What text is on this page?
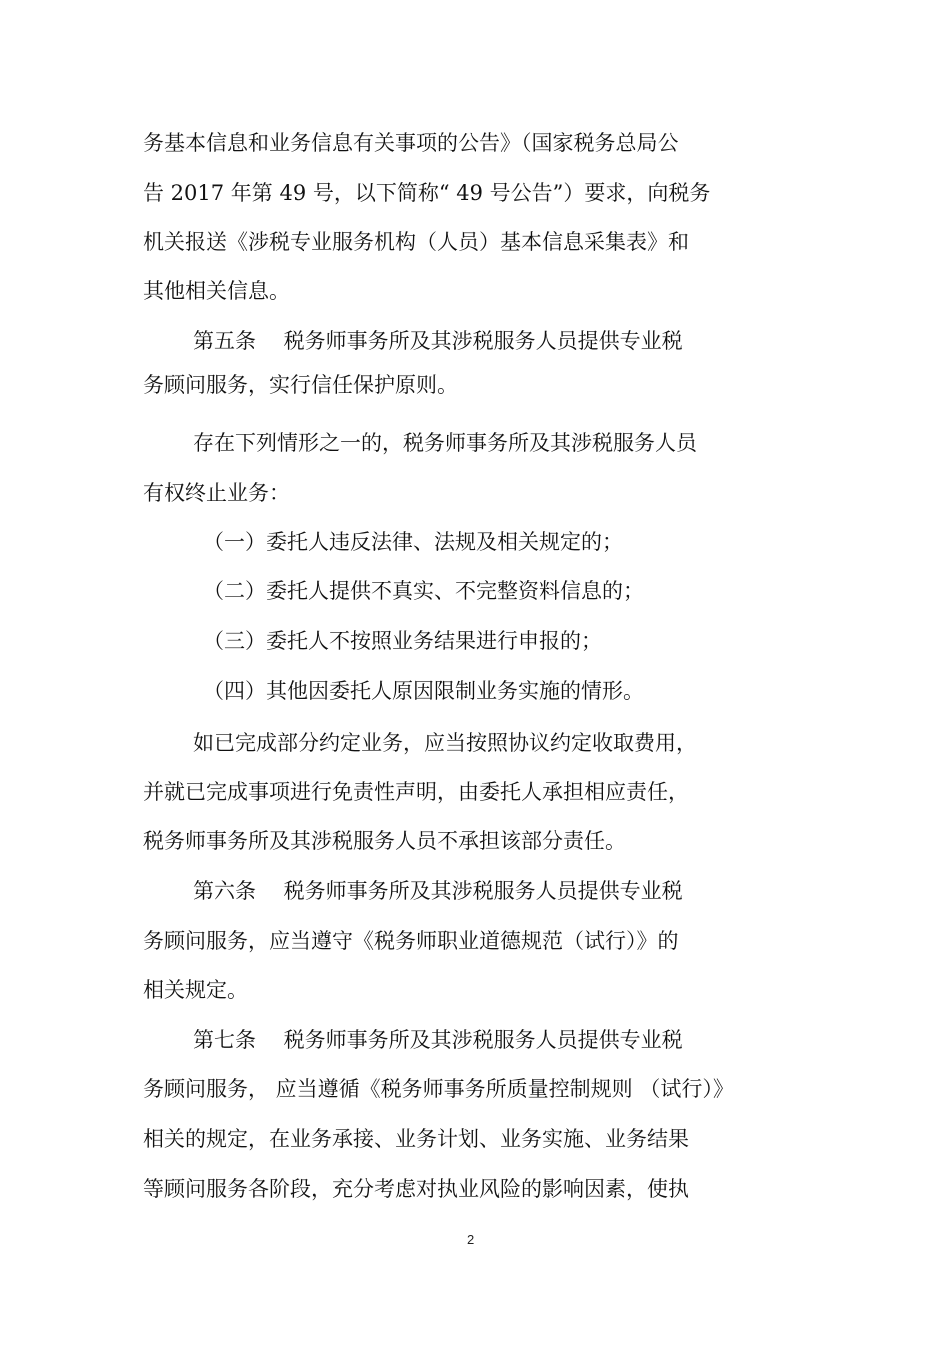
务基本信息和业务信息有关事项的公告》（国家税务总局公
告 2017 年第 49 号，以下简称“ 49 号公告”）要求，向税务
机关报送《涉税专业服务机构（人员）基本信息采集表》和
其他相关信息。
第五条　 税务师事务所及其涉税服务人员提供专业税
务顾问服务，实行信任保护原则。
存在下列情形之一的，税务师事务所及其涉税服务人员
有权终止业务：
（一）委托人违反法律、法规及相关规定的；
（二）委托人提供不真实、不完整资料信息的；
（三）委托人不按照业务结果进行申报的；
（四）其他因委托人原因限制业务实施的情形。
如已完成部分约定业务，应当按照协议约定收取费用，
并就已完成事项进行免责性声明，由委托人承担相应责任，
税务师事务所及其涉税服务人员不承担该部分责任。
第六条　 税务师事务所及其涉税服务人员提供专业税
务顾问服务，应当遵守《税务师职业道德规范（试行）》的
相关规定。
第七条　 税务师事务所及其涉税服务人员提供专业税
务顾问服务， 应当遵循《税务师事务所质量控制规则 （试行）》
相关的规定，在业务承接、业务计划、业务实施、业务结果
等顾问服务各阶段，充分考虑对执业风险的影响因素，使执
2
